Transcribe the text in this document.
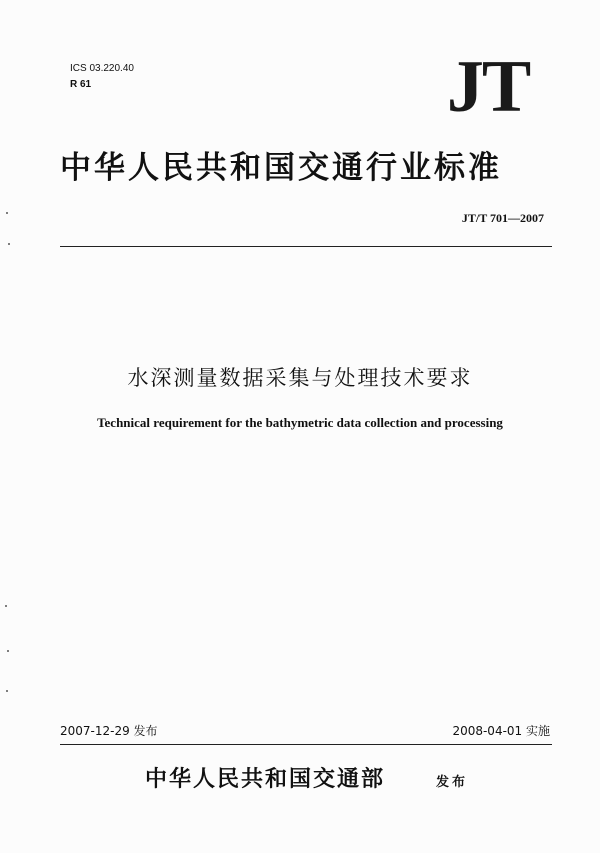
ICS 03.220.40
R 61	JT
中华人民共和国交通行业标准
JT/T 701—2007
水深测量数据采集与处理技术要求
Technical requirement for the bathymetric data collection and processing
2007-12-29 发布	2008-04-01 实施
中华人民共和国交通部	发布
